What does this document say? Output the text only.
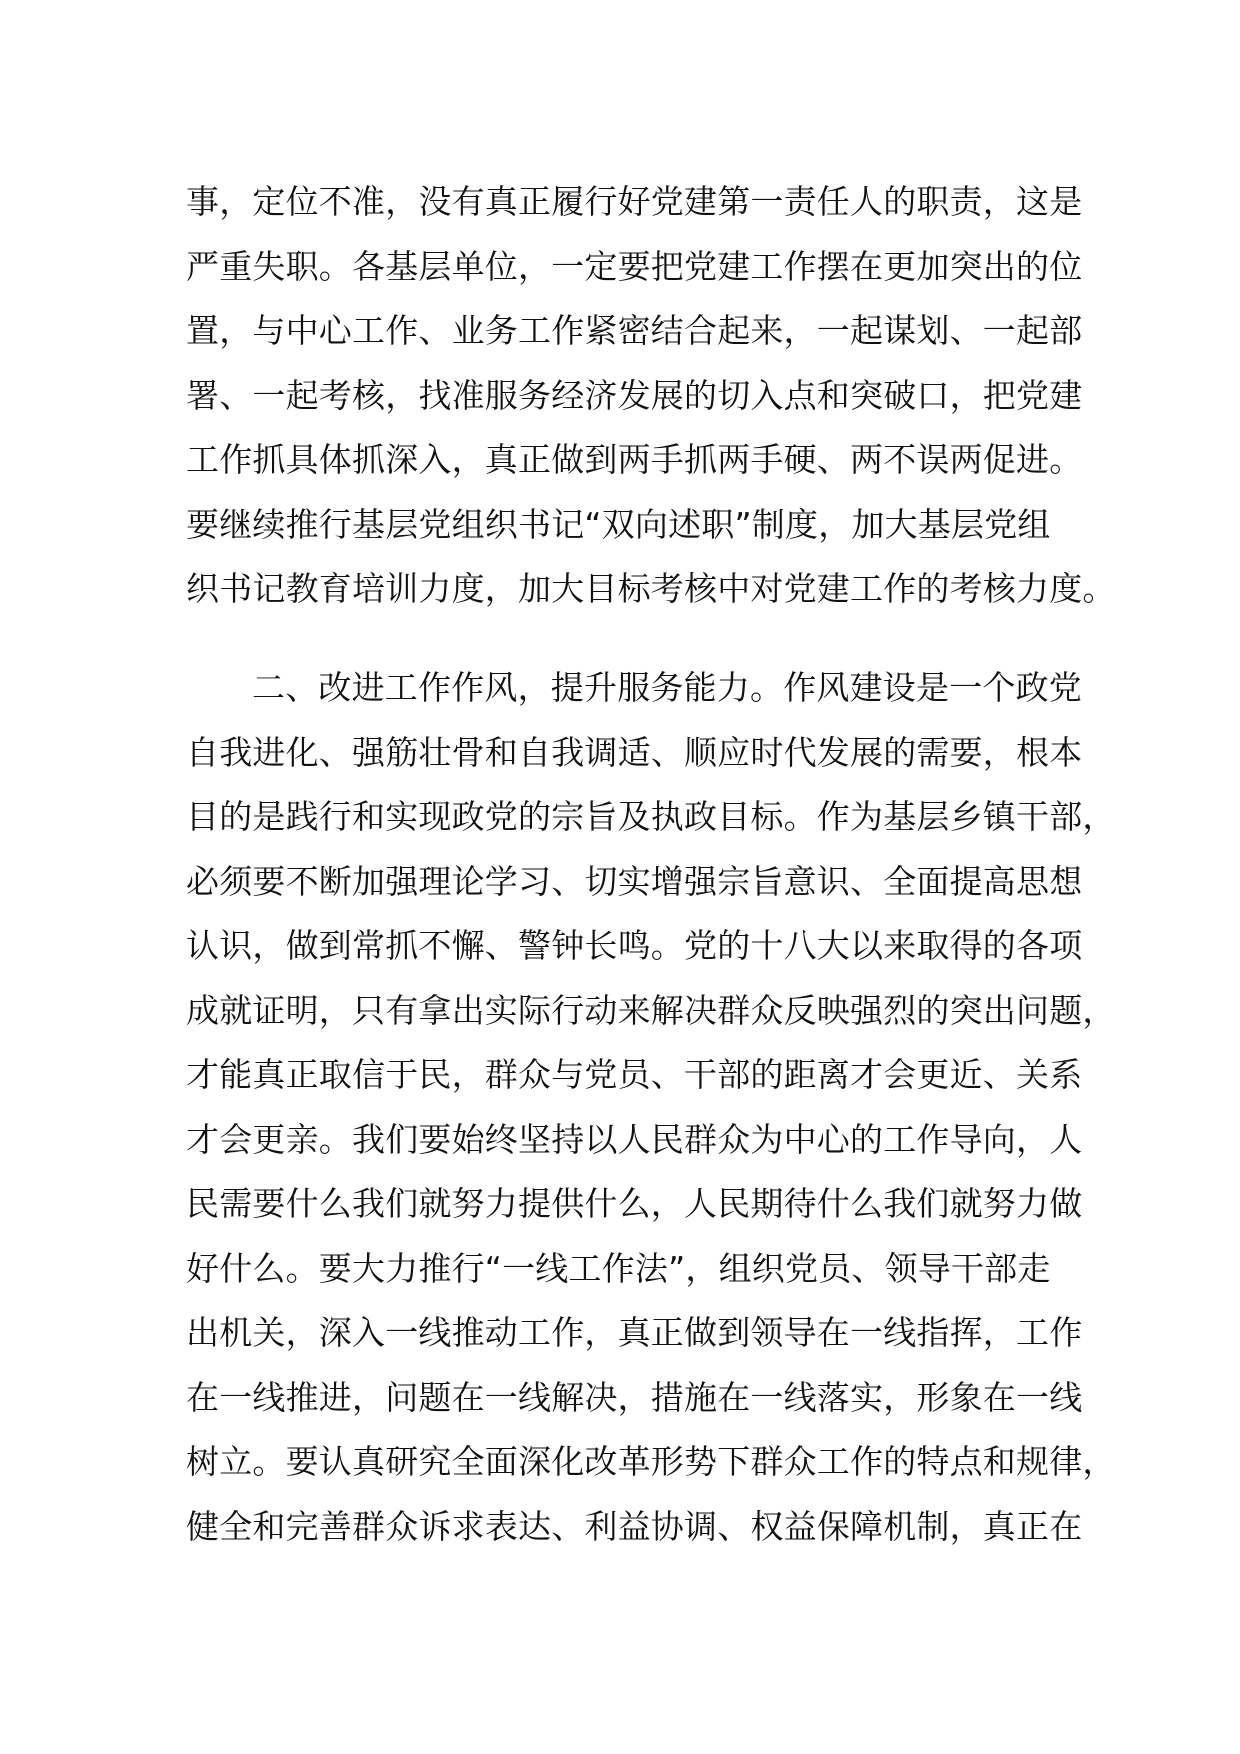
事，定位不准，没有真正履行好党建第一责任人的职责，这是
严重失职。各基层单位，一定要把党建工作摆在更加突出的位
置，与中心工作、业务工作紧密结合起来，一起谋划、一起部
署、一起考核，找准服务经济发展的切入点和突破口，把党建
工作抓具体抓深入，真正做到两手抓两手硬、两不误两促进。
要继续推行基层党组织书记“双向述职”制度，加大基层党组
织书记教育培训力度，加大目标考核中对党建工作的考核力度。
二、改进工作作风，提升服务能力。作风建设是一个政党
自我进化、强筋壮骨和自我调适、顺应时代发展的需要，根本
目的是践行和实现政党的宗旨及执政目标。作为基层乡镇干部，
必须要不断加强理论学习、切实增强宗旨意识、全面提高思想
认识，做到常抓不懈、警钟长鸣。党的十八大以来取得的各项
成就证明，只有拿出实际行动来解决群众反映强烈的突出问题，
才能真正取信于民，群众与党员、干部的距离才会更近、关系
才会更亲。我们要始终坚持以人民群众为中心的工作导向，人
民需要什么我们就努力提供什么，人民期待什么我们就努力做
好什么。要大力推行“一线工作法”，组织党员、领导干部走
出机关，深入一线推动工作，真正做到领导在一线指挥，工作
在一线推进，问题在一线解决，措施在一线落实，形象在一线
树立。要认真研究全面深化改革形势下群众工作的特点和规律，
健全和完善群众诉求表达、利益协调、权益保障机制，真正在
